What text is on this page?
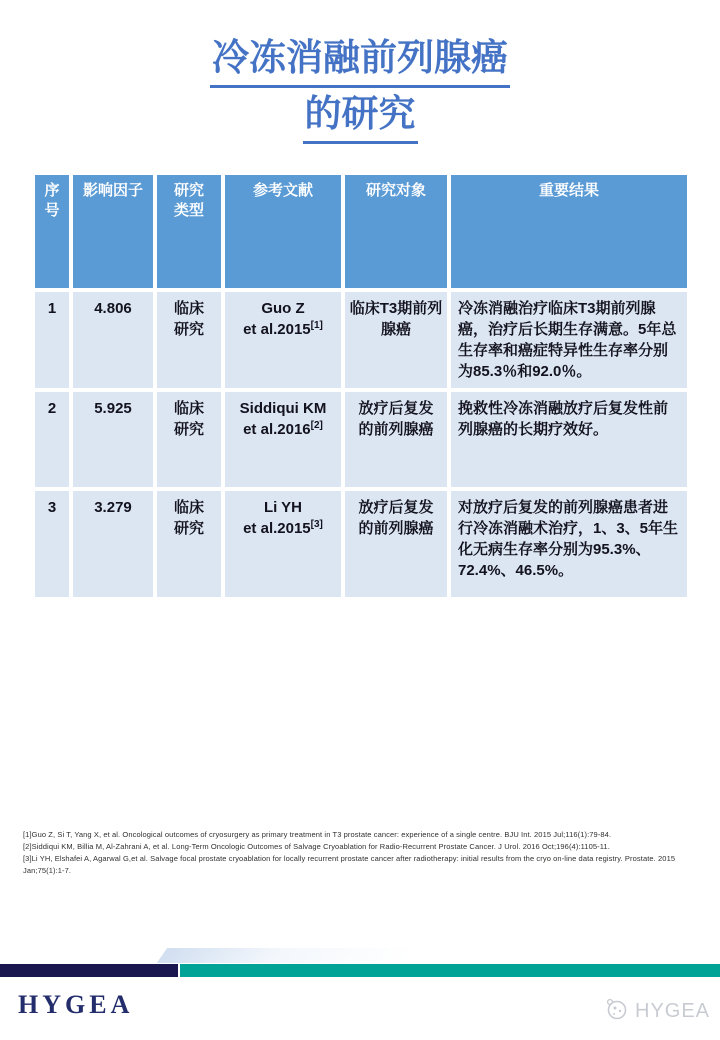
冷冻消融前列腺癌
的研究
序号	影响因子	研究类型	参考文献	研究对象	重要结果
1	4.806	临床研究	Guo Z
et al.2015[1]	临床T3期前列腺癌	冷冻消融治疗临床T3期前列腺癌，治疗后长期生存满意。5年总生存率和癌症特异性生存率分别为85.3％和92.0％。
2	5.925	临床研究	Siddiqui KM
et al.2016[2]	放疗后复发的前列腺癌	挽救性冷冻消融放疗后复发性前列腺癌的长期疗效好。
3	3.279	临床研究	Li YH
et al.2015[3]	放疗后复发的前列腺癌	对放疗后复发的前列腺癌患者进行冷冻消融术治疗，1、3、5年生化无病生存率分别为95.3%、72.4%、46.5%。
[1]Guo Z, Si T, Yang X, et al. Oncological outcomes of cryosurgery as primary treatment in T3 prostate cancer: experience of a single centre. BJU Int. 2015 Jul;116(1):79-84.
[2]Siddiqui KM, Billia M, Al-Zahrani A, et al. Long-Term Oncologic Outcomes of Salvage Cryoablation for Radio-Recurrent Prostate Cancer. J Urol. 2016 Oct;196(4):1105-11.
[3]Li YH, Elshafei A, Agarwal G,et al. Salvage focal prostate cryoablation for locally recurrent prostate cancer after radiotherapy: initial results from the cryo on-line data registry. Prostate. 2015 Jan;75(1):1-7.
HYGEA	HYGEA
